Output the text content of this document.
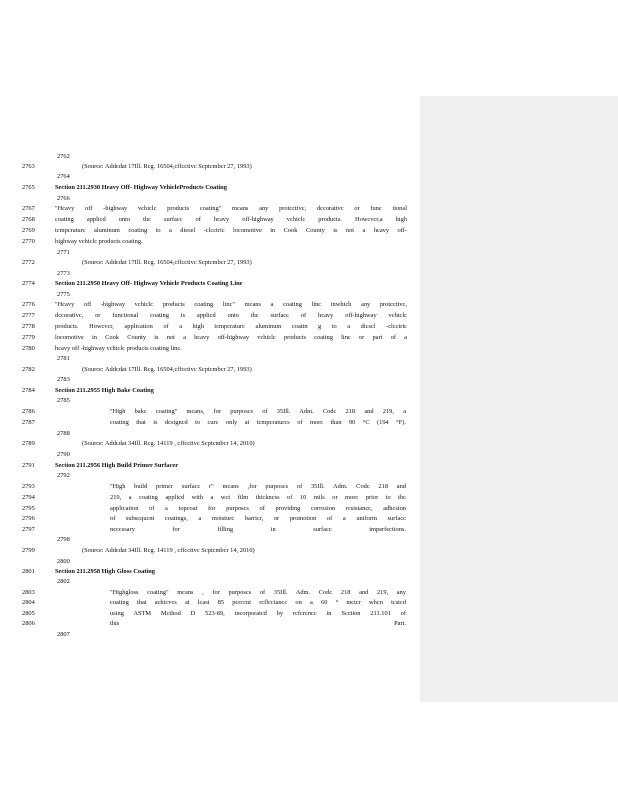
2762
2763	(Source: Addcdat 17Ill. Rcg. 16504,cffcctivc Scptcmbcr 27, 1993)
2764
2765	Section 211.2930 Heavy Off- Highway VehicleProducts Coating
2766
2767	"Hcavy off -highway vchiclc products coating" mcans any protcctivc, dccorativc or func tional
2768	coating applicd onto thc surfacc of hcavy off-highway vchiclc products. Howcvcr,a high
2769	tcmpcraturc aluminum coating to a diesel -clcctric locomotive in Cook County is not a hcavy off-
2770	highway vchiclc products coating.
2771
2772	(Source: Addcdat 17Ill. Rcg. 16504,cffcctivc Scptcmbcr 27, 1993)
2773
2774	Section 211.2950 Heavy Off- Highway Vehicle Products Coating Line
2775
2776	"Hcavy off -highway vchiclc products coating linc" mcans a coating linc inwhich any protcctivc,
2777	dccorativc, or functional coating is applicd onto thc surfacc of hcavy off-highway vchiclc
2778	products. Howcvcr, application of a high tcmpcraturc aluminum coatin g to a dicscl -clcctric
2779	locomotive in Cook County is not a hcavy off-highway vchiclc products coating linc or part of a
2780	hcavy off -highway vchiclc products coating linc.
2781
2782	(Source: Addcdat 17Ill. Rcg. 16504,cffcctivc Scptcmbcr 27, 1993)
2783
2784	Section 211.2955 High Bake Coating
2785
2786	"High bakc coating" mcans, for purposcs of 35Ill. Adm. Codc 218 and 219, a
2787	coating that is dcsigncd to curc only at tcmpcraturcs of morc than 90 °C (194 °F).
2788
2789	(Source: Addcdat 34Ill. Rcg. 14119 , cffcctivc Scptcmbcr 14, 2010)
2790
2791	Section 211.2956 High Build Primer Surfacer
2792
2793	"High build primcr surfacc r" mcans ,for purposcs of 35Ill. Adm. Codc 218 and
2794	219, a coating applicd with a wct film thickncss of 10 mils or morc prior to thc
2795	application of a topcoat for purposcs of providing corrosion rcsistancc, adhcsion
2796	of subscqucnt coatings, a moisturc barricr, or promotion of a uniform surfacc
2797	ncccssary for filling in surfacc imperfections.
2798
2799	(Source: Addcdat 34Ill. Rcg. 14119 , cffcctivc Scptcmbcr 14, 2010)
2800
2801	Section 211.2958 High Gloss Coating
2802
2803	"Highgloss coating" mcans , for purposcs of 35Ill. Adm. Codc 218 and 219, any
2804	coating that achicvcs at lcast 85 pcrccnt rcflcctancc on a 60 ° mctcr whcn tcstcd
2805	using ASTM Mcthod D 523-89, incorporatcd by rcfcrcncc in Scction 211.101 of
2806	this Part.
2807
